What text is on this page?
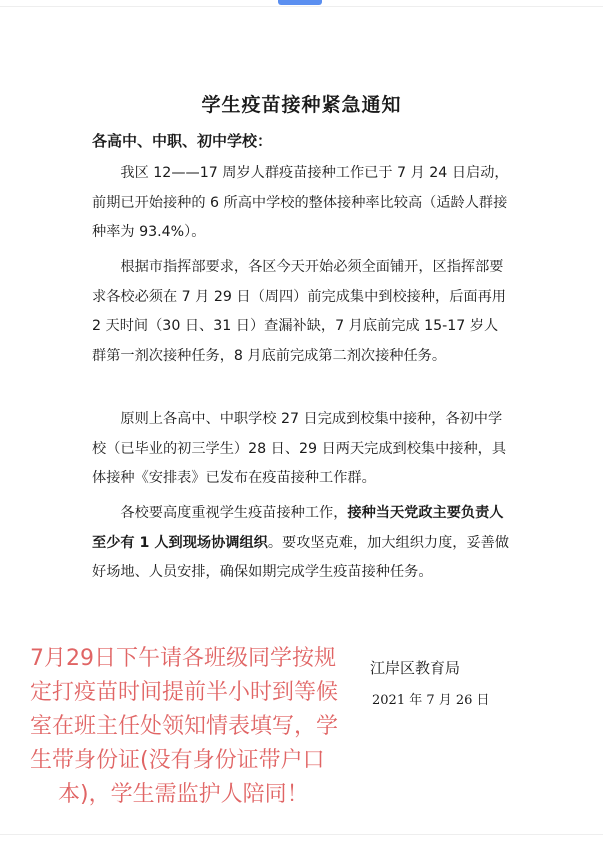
学生疫苗接种紧急通知
各高中、中职、初中学校：

我区 12——17 周岁人群疫苗接种工作已于 7 月 24 日启动，前期已开始接种的 6 所高中学校的整体接种率比较高（适龄人群接种率为 93.4%）。

根据市指挥部要求，各区今天开始必须全面铺开，区指挥部要求各校必须在 7 月 29 日（周四）前完成集中到校接种，后面再用 2 天时间（30 日、31 日）查漏补缺，7 月底前完成 15-17 岁人群第一剂次接种任务，8 月底前完成第二剂次接种任务。

原则上各高中、中职学校 27 日完成到校集中接种，各初中学校（已毕业的初三学生）28 日、29 日两天完成到校集中接种，具体接种《安排表》已发布在疫苗接种工作群。

各校要高度重视学生疫苗接种工作，接种当天党政主要负责人至少有 1 人到现场协调组织。要攻坚克难，加大组织力度，妥善做好场地、人员安排，确保如期完成学生疫苗接种任务。

江岸区教育局
2021 年 7 月 26 日
7月29日下午请各班级同学按规
定打疫苗时间提前半小时到等候
室在班主任处领知情表填写，学
生带身份证(没有身份证带户口
本)，学生需监护人陪同！
